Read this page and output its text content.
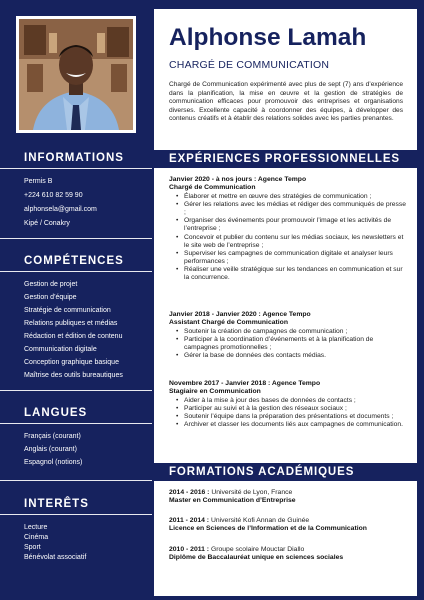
INFORMATIONS
Permis B
+224 610 82 59 90
alphonsela@gmail.com
Kipé / Conakry
COMPÉTENCES
Gestion de projet
Gestion d’équipe
Stratégie de communication
Relations publiques et médias
Rédaction et édition de contenu
Communication digitale
Conception graphique basique
Maîtrise des outils bureautiques
LANGUES
Français (courant)
Anglais (courant)
Espagnol (notions)
INTERÊTS
Lecture
Cinéma
Sport
Bénévolat associatif
Alphonse Lamah
CHARGÉ DE COMMUNICATION
Chargé de Communication expérimenté avec plus de sept (7) ans d’expérience dans la planification, la mise en œuvre et la gestion de stratégies de communication efficaces pour promouvoir des entreprises et organisations diverses. Excellente capacité à coordonner des équipes, à développer des contenus créatifs et à établir des relations solides avec les parties prenantes.
EXPÉRIENCES PROFESSIONNELLES
Janvier 2020 - à nos jours : Agence Tempo
Chargé de Communication
• Élaborer et mettre en œuvre des stratégies de communication ;
• Gérer les relations avec les médias et rédiger des communiqués de presse ;
• Organiser des événements pour promouvoir l’image et les activités de l’entreprise ;
• Concevoir et publier du contenu sur les médias sociaux, les newsletters et le site web de l’entreprise ;
• Superviser les campagnes de communication digitale et analyser leurs performances ;
• Réaliser une veille stratégique sur les tendances en communication et sur la concurrence.
Janvier 2018 - Janvier 2020 : Agence Tempo
Assistant Chargé de Communication
• Soutenir la création de campagnes de communication ;
• Participer à la coordination d’événements et à la planification de campagnes promotionnelles ;
• Gérer la base de données des contacts médias.
Novembre 2017 - Janvier 2018 : Agence Tempo
Stagiaire en Communication
• Aider à la mise à jour des bases de données de contacts ;
• Participer au suivi et à la gestion des réseaux sociaux ;
• Soutenir l’équipe dans la préparation des présentations et documents ;
• Archiver et classer les documents liés aux campagnes de communication.
FORMATIONS ACADÉMIQUES
2014 - 2016 : Université de Lyon, France
Master en Communication d’Entreprise
2011 - 2014 : Université Kofi Annan de Guinée
Licence en Sciences de l’Information et de la Communication
2010 - 2011 : Groupe scolaire Mouctar Diallo
Diplôme de Baccalauréat unique en sciences sociales
